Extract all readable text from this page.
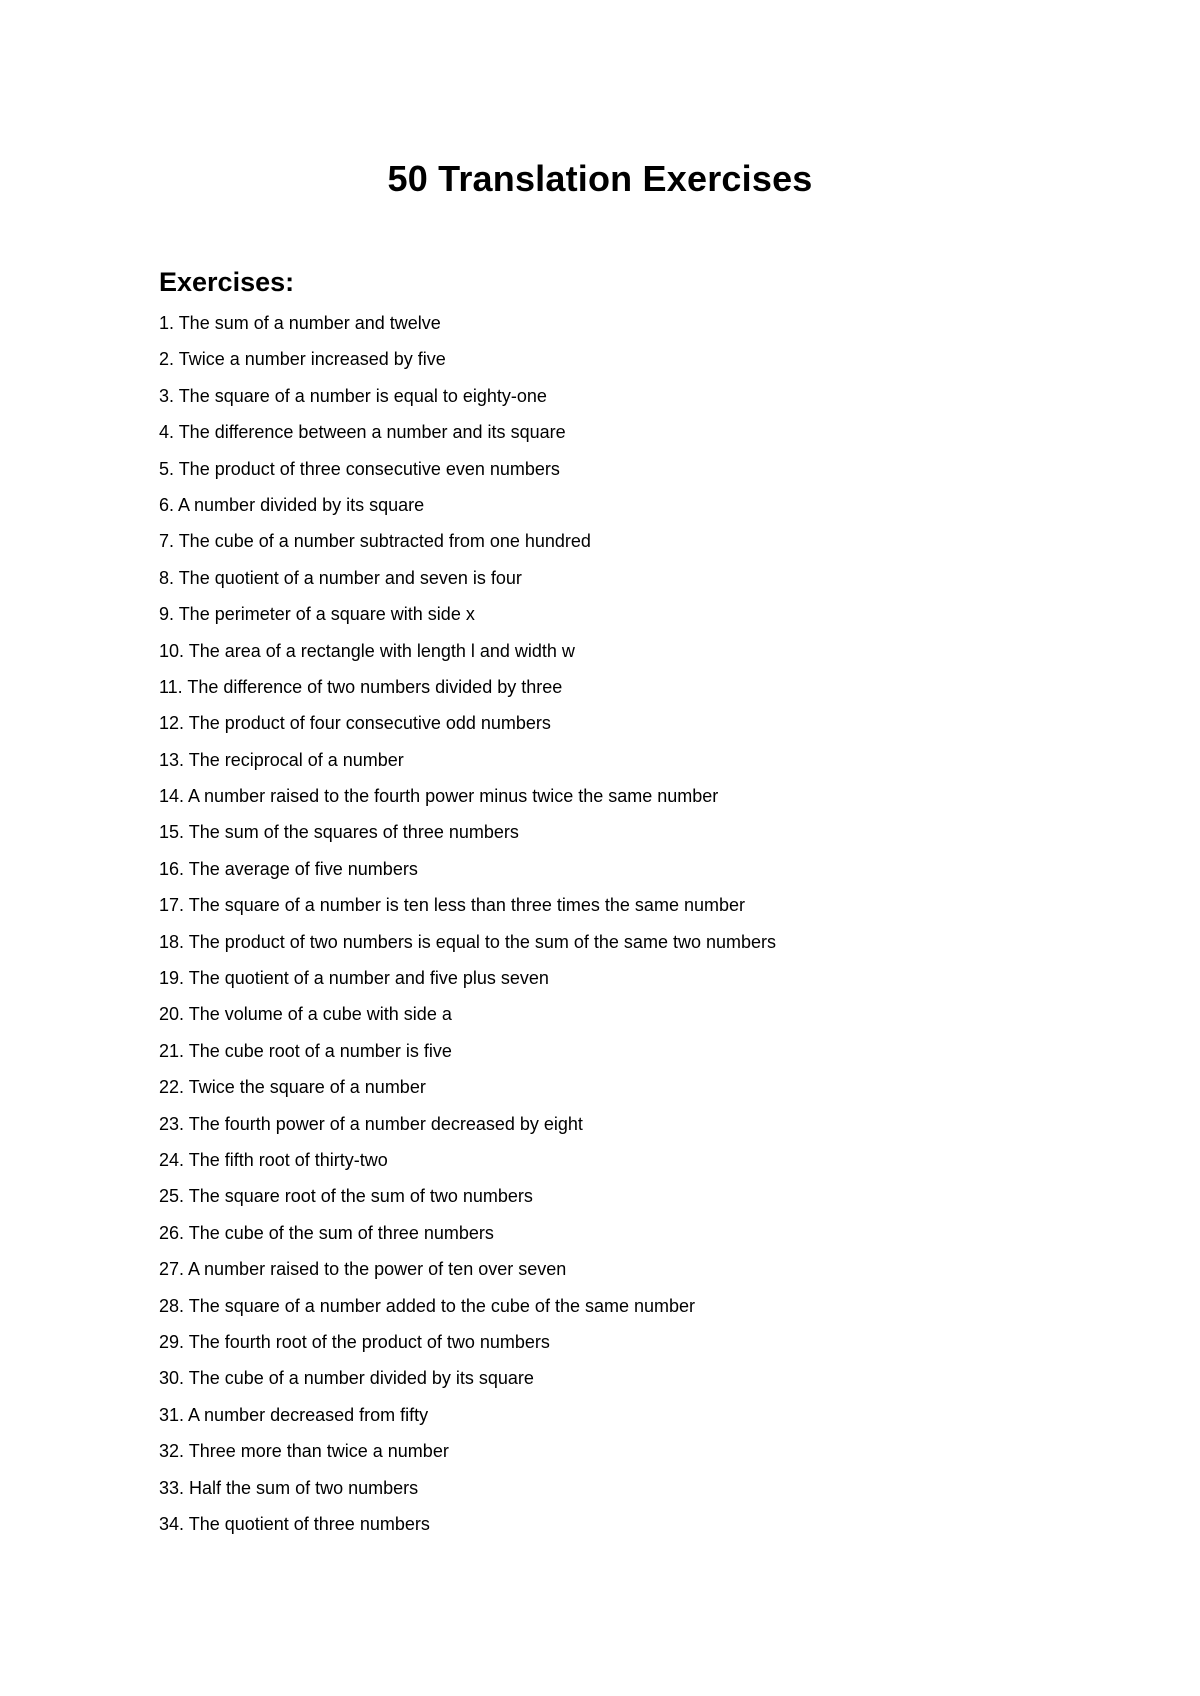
50 Translation Exercises
Exercises:
1. The sum of a number and twelve
2. Twice a number increased by five
3. The square of a number is equal to eighty-one
4. The difference between a number and its square
5. The product of three consecutive even numbers
6. A number divided by its square
7. The cube of a number subtracted from one hundred
8. The quotient of a number and seven is four
9. The perimeter of a square with side x
10. The area of a rectangle with length l and width w
11. The difference of two numbers divided by three
12. The product of four consecutive odd numbers
13. The reciprocal of a number
14. A number raised to the fourth power minus twice the same number
15. The sum of the squares of three numbers
16. The average of five numbers
17. The square of a number is ten less than three times the same number
18. The product of two numbers is equal to the sum of the same two numbers
19. The quotient of a number and five plus seven
20. The volume of a cube with side a
21. The cube root of a number is five
22. Twice the square of a number
23. The fourth power of a number decreased by eight
24. The fifth root of thirty-two
25. The square root of the sum of two numbers
26. The cube of the sum of three numbers
27. A number raised to the power of ten over seven
28. The square of a number added to the cube of the same number
29. The fourth root of the product of two numbers
30. The cube of a number divided by its square
31. A number decreased from fifty
32. Three more than twice a number
33. Half the sum of two numbers
34. The quotient of three numbers
